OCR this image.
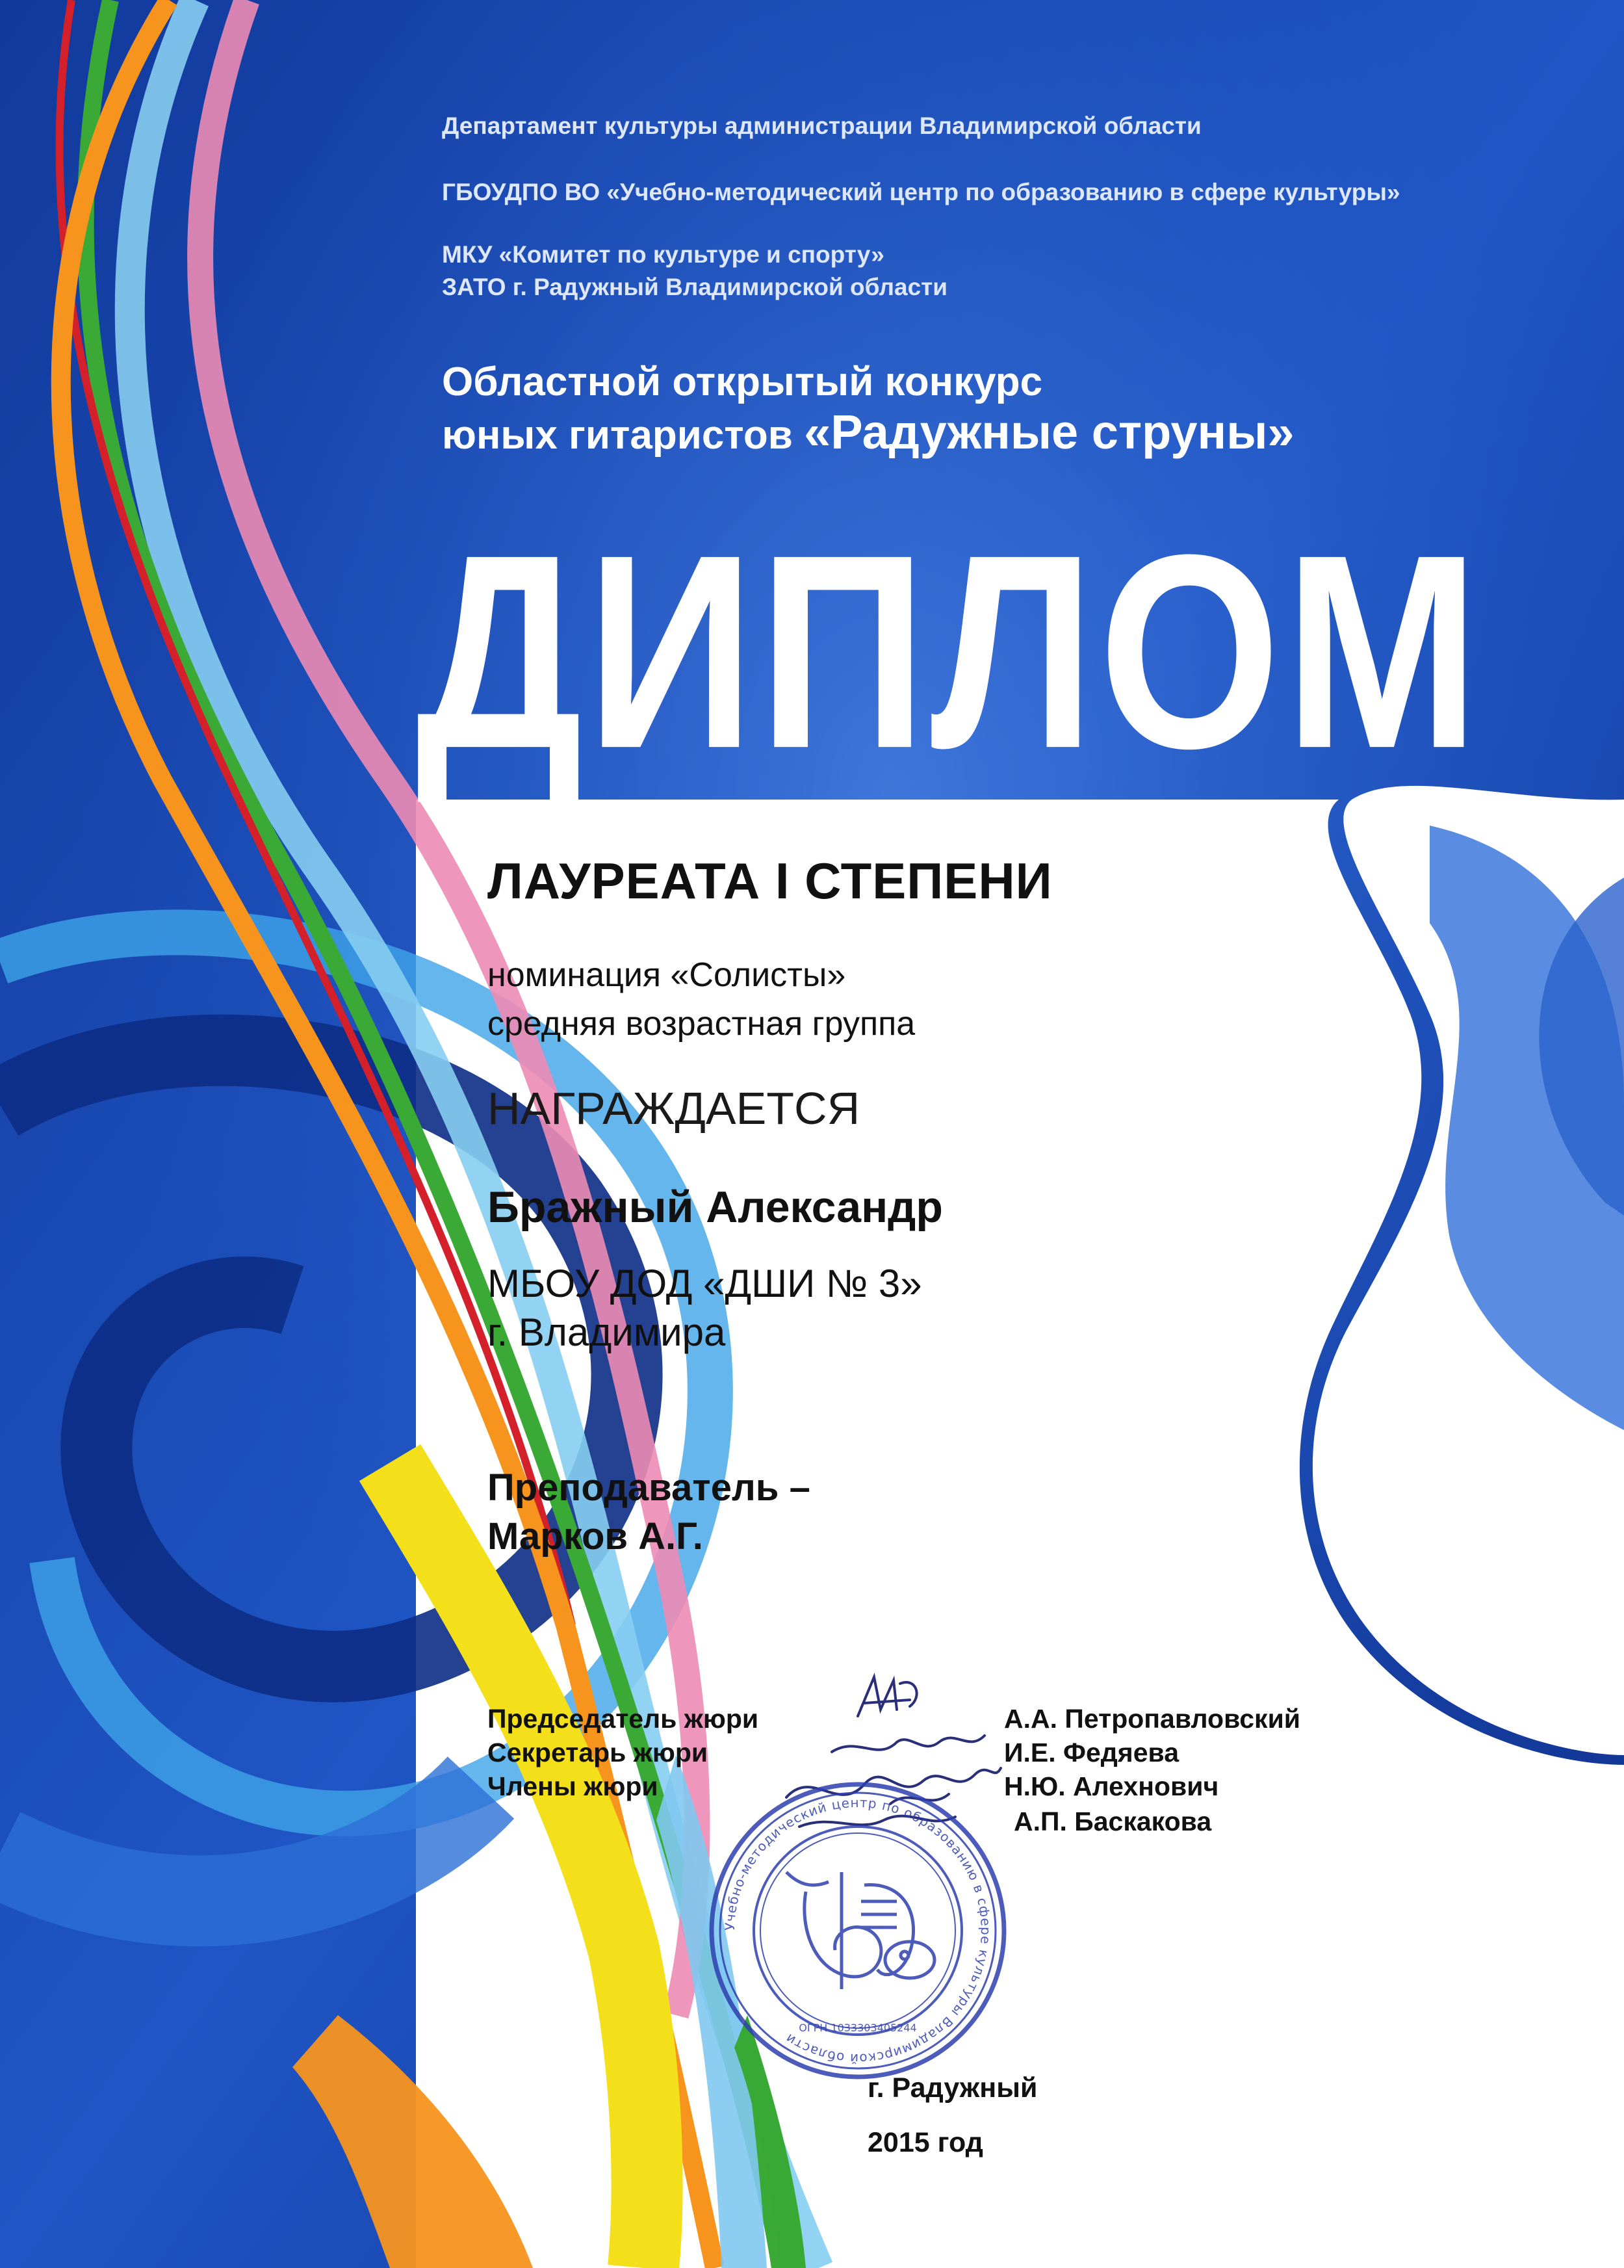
Департамент культуры администрации Владимирской области

ГБОУДПО ВО «Учебно-методический центр по образованию в сфере культуры»

МКУ «Комитет по культуре и спорту»

ЗАТО г. Радужный Владимирской области

Областной открытый конкурс

юных гитаристов «Радужные струны»

ДИПЛОМ

ЛАУРЕАТА I СТЕПЕНИ

номинация «Солисты»

средняя возрастная группа

НАГРАЖДАЕТСЯ

Бражный Александр

МБОУ ДОД «ДШИ № 3»

г. Владимира

Преподаватель –

Марков А.Г.

Председатель жюри

Секретарь жюри

Члены жюри

А.А. Петропавловский

И.Е. Федяева

Н.Ю. Алехнович

А.П. Баскакова

Учебно-методический центр по образованию в сфере культуры Владимирской области
ОГРН 1033303405244

г. Радужный

2015 год
